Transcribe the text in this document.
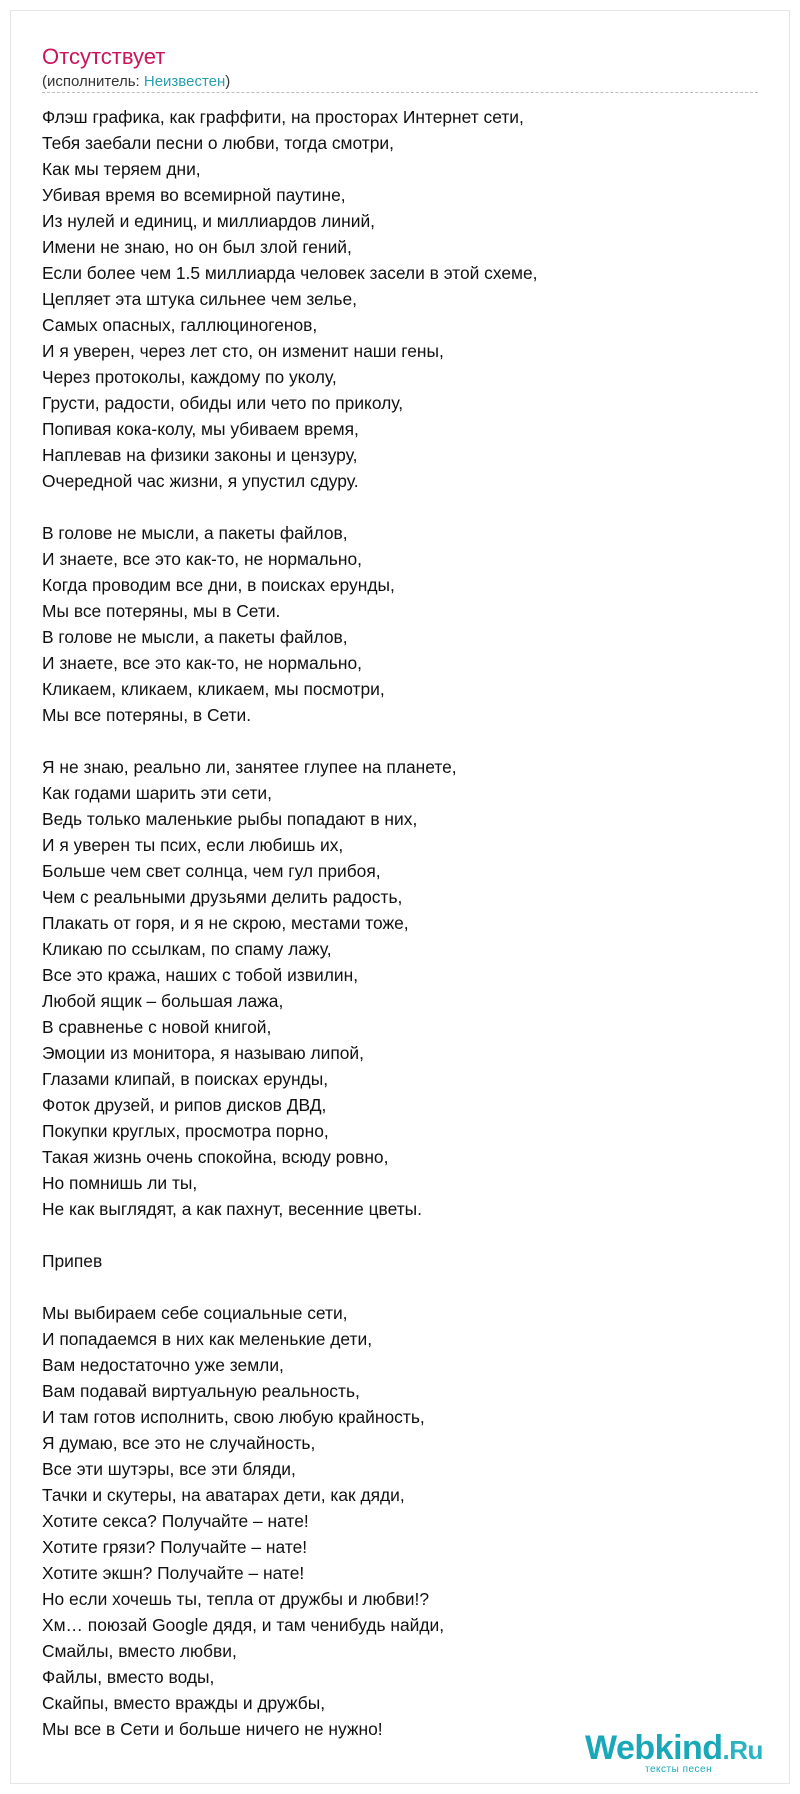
Отсутствует
(исполнитель: Неизвестен)
Флэш графика, как граффити, на просторах Интернет сети,
Тебя заебали песни о любви, тогда смотри,
Как мы теряем дни,
Убивая время во всемирной паутине,
Из нулей и единиц, и миллиардов линий,
Имени не знаю, но он был злой гений,
Если более чем 1.5 миллиарда человек засели в этой схеме,
Цепляет эта штука сильнее чем зелье,
Самых опасных, галлюциногенов,
И я уверен, через лет сто, он изменит наши гены,
Через протоколы, каждому по уколу,
Грусти, радости, обиды или чето по приколу,
Попивая кока-колу, мы убиваем время,
Наплевав на физики законы и цензуру,
Очередной час жизни, я упустил сдуру.
В голове не мысли, а пакеты файлов,
И знаете, все это как-то, не нормально,
Когда проводим все дни, в поисках ерунды,
Мы все потеряны, мы в Сети.
В голове не мысли, а пакеты файлов,
И знаете, все это как-то, не нормально,
Кликаем, кликаем, кликаем, мы посмотри,
Мы все потеряны, в Сети.
Я не знаю, реально ли, занятее глупее на планете,
Как годами шарить эти сети,
Ведь только маленькие рыбы попадают в них,
И я уверен ты псих, если любишь их,
Больше чем свет солнца, чем гул прибоя,
Чем с реальными друзьями делить радость,
Плакать от горя, и я не скрою, местами тоже,
Кликаю по ссылкам, по спаму лажу,
Все это кража, наших с тобой извилин,
Любой ящик – большая лажа,
В сравненье с новой книгой,
Эмоции из монитора, я называю липой,
Глазами клипай, в поисках ерунды,
Фоток друзей, и рипов дисков ДВД,
Покупки круглых, просмотра порно,
Такая жизнь очень спокойна, всюду ровно,
Но помнишь ли ты,
Не как выглядят, а как пахнут, весенние цветы.
Припев
Мы выбираем себе социальные сети,
И попадаемся в них как меленькие дети,
Вам недостаточно уже земли,
Вам подавай виртуальную реальность,
И там готов исполнить, свою любую крайность,
Я думаю, все это не случайность,
Все эти шутэры, все эти бляди,
Тачки и скутеры, на аватарах дети, как дяди,
Хотите секса? Получайте – нате!
Хотите грязи? Получайте – нате!
Хотите экшн? Получайте – нате!
Но если хочешь ты, тепла от дружбы и любви!?
Хм… поюзай Google дядя, и там ченибудь найди,
Смайлы, вместо любви,
Файлы, вместо воды,
Скайпы, вместо вражды и дружбы,
Мы все в Сети и больше ничего не нужно!	Webkind.Ru
тексты песен
